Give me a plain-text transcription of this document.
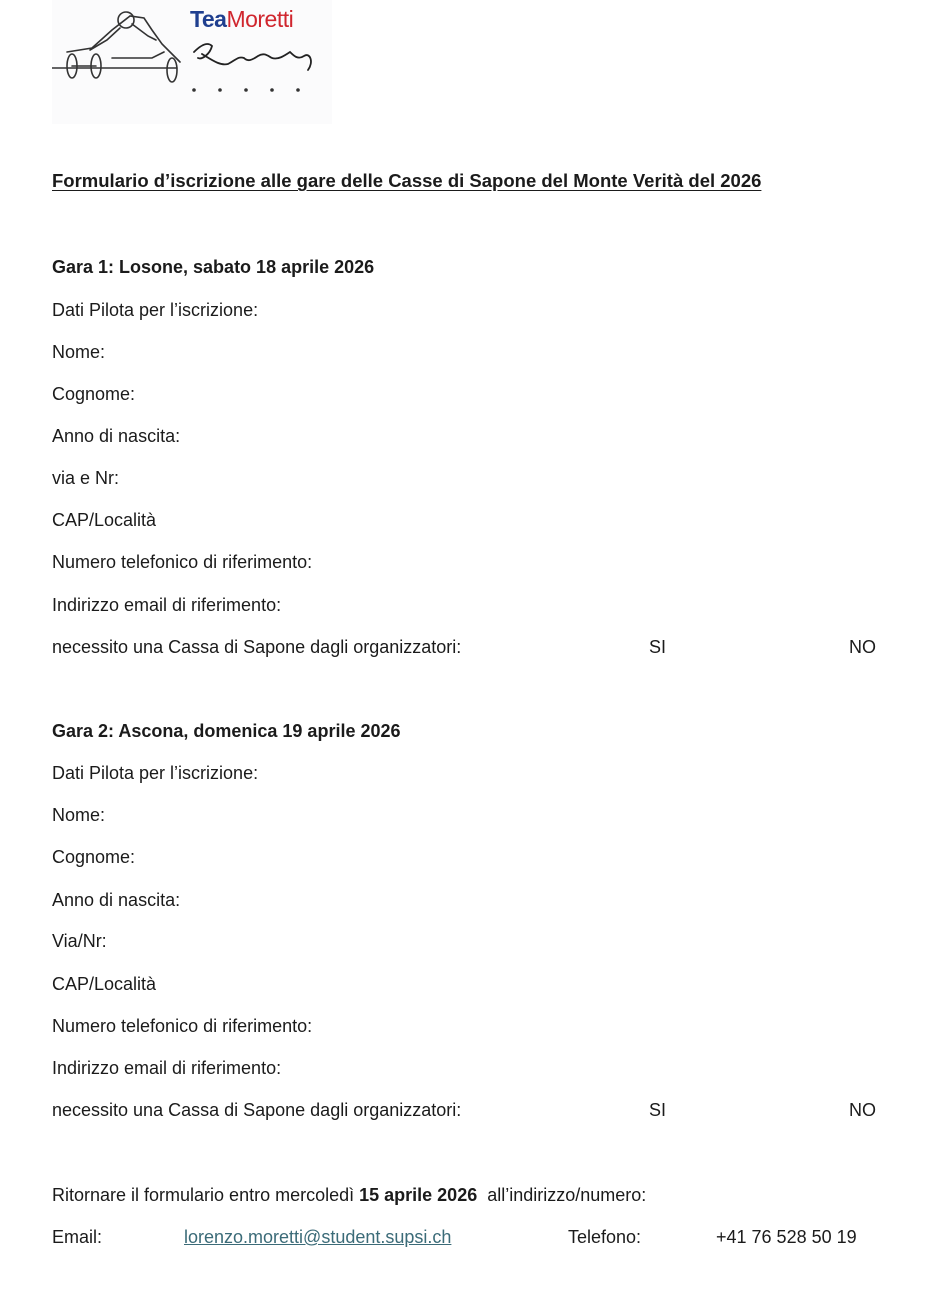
TeaMoretti
Formulario d’iscrizione alle gare delle Casse di Sapone del Monte Verità del 2026
Gara 1: Losone, sabato 18 aprile 2026
Dati Pilota per l’iscrizione:
Nome:
Cognome:
Anno di nascita:
via e Nr:
CAP/Località
Numero telefonico di riferimento:
Indirizzo email di riferimento:
necessito una Cassa di Sapone dagli organizzatori:	SI	NO
Gara 2: Ascona, domenica 19 aprile 2026
Dati Pilota per l’iscrizione:
Nome:
Cognome:
Anno di nascita:
Via/Nr:
CAP/Località
Numero telefonico di riferimento:
Indirizzo email di riferimento:
necessito una Cassa di Sapone dagli organizzatori:	SI	NO
Ritornare il formulario entro mercoledì 15 aprile 2026  all’indirizzo/numero:
Email:	lorenzo.moretti@student.supsi.ch	Telefono:	+41 76 528 50 19
